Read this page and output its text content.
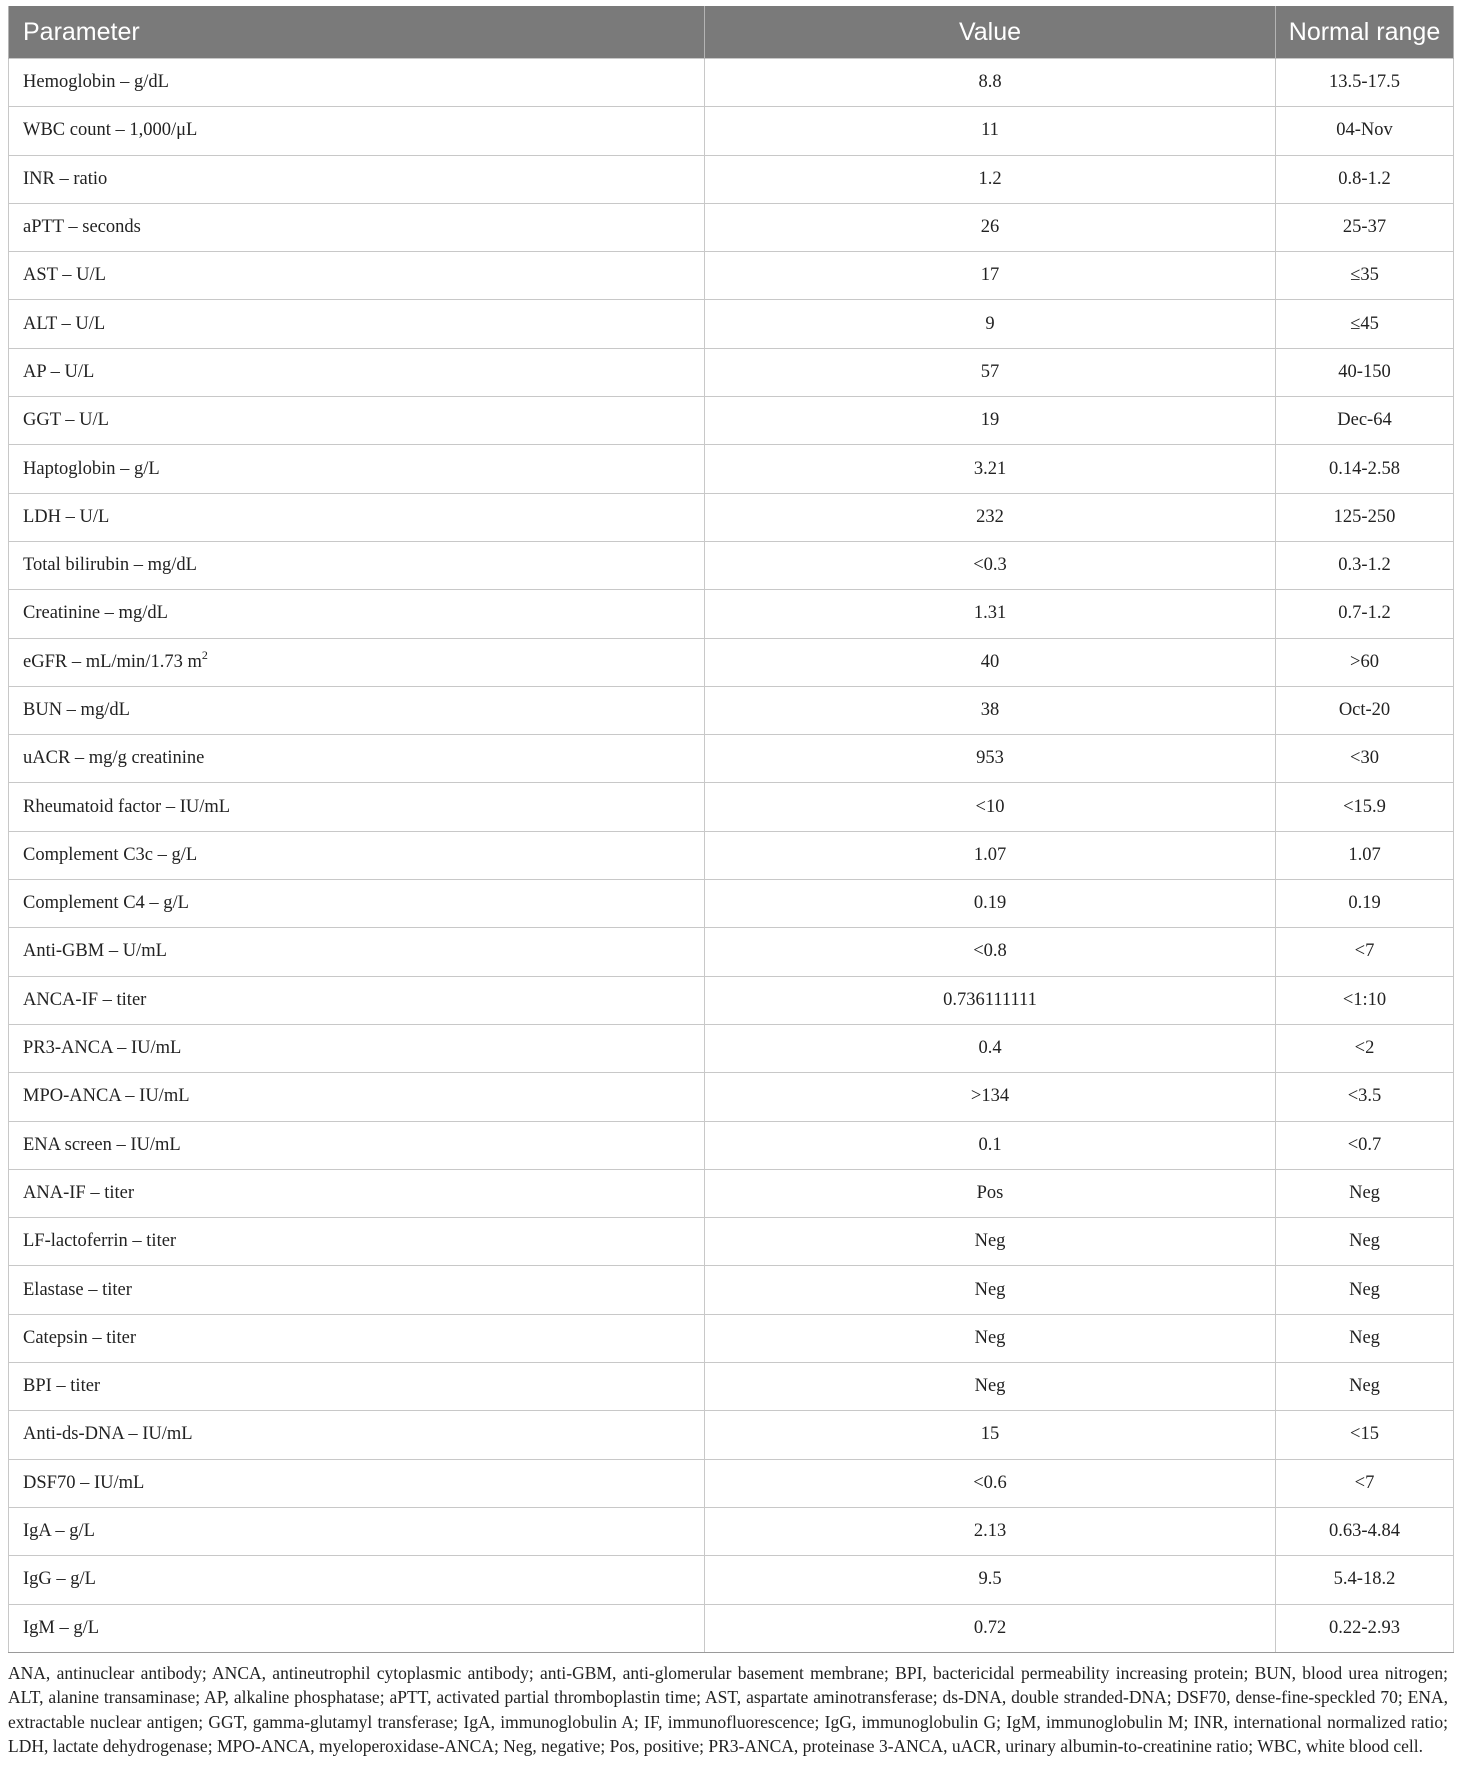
Parameter	Value	Normal range
Hemoglobin – g/dL	8.8	13.5-17.5
WBC count – 1,000/μL	11	04-Nov
INR – ratio	1.2	0.8-1.2
aPTT – seconds	26	25-37
AST – U/L	17	≤35
ALT – U/L	9	≤45
AP – U/L	57	40-150
GGT – U/L	19	Dec-64
Haptoglobin – g/L	3.21	0.14-2.58
LDH – U/L	232	125-250
Total bilirubin – mg/dL	<0.3	0.3-1.2
Creatinine – mg/dL	1.31	0.7-1.2
eGFR – mL/min/1.73 $m^2$	40	>60
BUN – mg/dL	38	Oct-20
uACR – mg/g creatinine	953	<30
Rheumatoid factor – IU/mL	<10	<15.9
Complement C3c – g/L	1.07	1.07
Complement C4 – g/L	0.19	0.19
Anti-GBM – U/mL	<0.8	<7
ANCA-IF – titer	0.736111111	<1:10
PR3-ANCA – IU/mL	0.4	<2
MPO-ANCA – IU/mL	>134	<3.5
ENA screen – IU/mL	0.1	<0.7
ANA-IF – titer	Pos	Neg
LF-lactoferrin – titer	Neg	Neg
Elastase – titer	Neg	Neg
Catepsin – titer	Neg	Neg
BPI – titer	Neg	Neg
Anti-ds-DNA – IU/mL	15	<15
DSF70 – IU/mL	<0.6	<7
IgA – g/L	2.13	0.63-4.84
IgG – g/L	9.5	5.4-18.2
IgM – g/L	0.72	0.22-2.93

ANA, antinuclear antibody; ANCA, antineutrophil cytoplasmic antibody; anti-GBM, anti-glomerular basement membrane; BPI, bactericidal permeability increasing protein; BUN, blood urea nitrogen; ALT, alanine transaminase; AP, alkaline phosphatase; aPTT, activated partial thromboplastin time; AST, aspartate aminotransferase; ds-DNA, double stranded-DNA; DSF70, dense-fine-speckled 70; ENA, extractable nuclear antigen; GGT, gamma-glutamyl transferase; IgA, immunoglobulin A; IF, immunofluorescence; IgG, immunoglobulin G; IgM, immunoglobulin M; INR, international normalized ratio; LDH, lactate dehydrogenase; MPO-ANCA, myeloperoxidase-ANCA; Neg, negative; Pos, positive; PR3-ANCA, proteinase 3-ANCA, uACR, urinary albumin-to-creatinine ratio; WBC, white blood cell.
